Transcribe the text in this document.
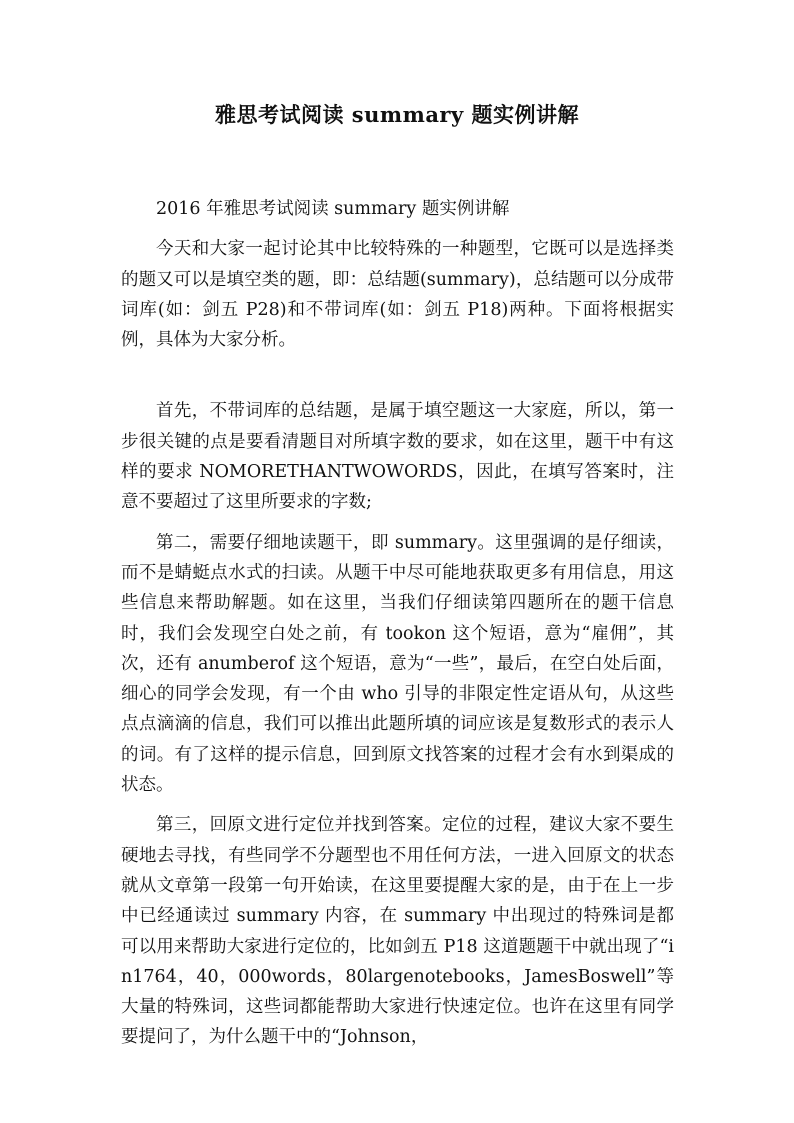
雅思考试阅读 summary 题实例讲解

2016 年雅思考试阅读 summary 题实例讲解

今天和大家一起讨论其中比较特殊的一种题型，它既可以是选择类的题又可以是填空类的题，即：总结题(summary)，总结题可以分成带词库(如：剑五 P28)和不带词库(如：剑五 P18)两种。下面将根据实例，具体为大家分析。

首先，不带词库的总结题，是属于填空题这一大家庭，所以，第一步很关键的点是要看清题目对所填字数的要求，如在这里，题干中有这样的要求 NOMORETHANTWOWORDS，因此，在填写答案时，注意不要超过了这里所要求的字数;

第二，需要仔细地读题干，即 summary。这里强调的是仔细读，而不是蜻蜓点水式的扫读。从题干中尽可能地获取更多有用信息，用这些信息来帮助解题。如在这里，当我们仔细读第四题所在的题干信息时，我们会发现空白处之前，有 tookon 这个短语，意为“雇佣”，其次，还有 anumberof 这个短语，意为“一些”，最后，在空白处后面，细心的同学会发现，有一个由 who 引导的非限定性定语从句，从这些点点滴滴的信息，我们可以推出此题所填的词应该是复数形式的表示人的词。有了这样的提示信息，回到原文找答案的过程才会有水到渠成的状态。

第三，回原文进行定位并找到答案。定位的过程，建议大家不要生硬地去寻找，有些同学不分题型也不用任何方法，一进入回原文的状态就从文章第一段第一句开始读，在这里要提醒大家的是，由于在上一步中已经通读过 summary 内容，在 summary 中出现过的特殊词是都可以用来帮助大家进行定位的，比如剑五 P18 这道题题干中就出现了“in1764，40，000words，80largenotebooks，JamesBoswell”等大量的特殊词，这些词都能帮助大家进行快速定位。也许在这里有同学要提问了，为什么题干中的“Johnson，
